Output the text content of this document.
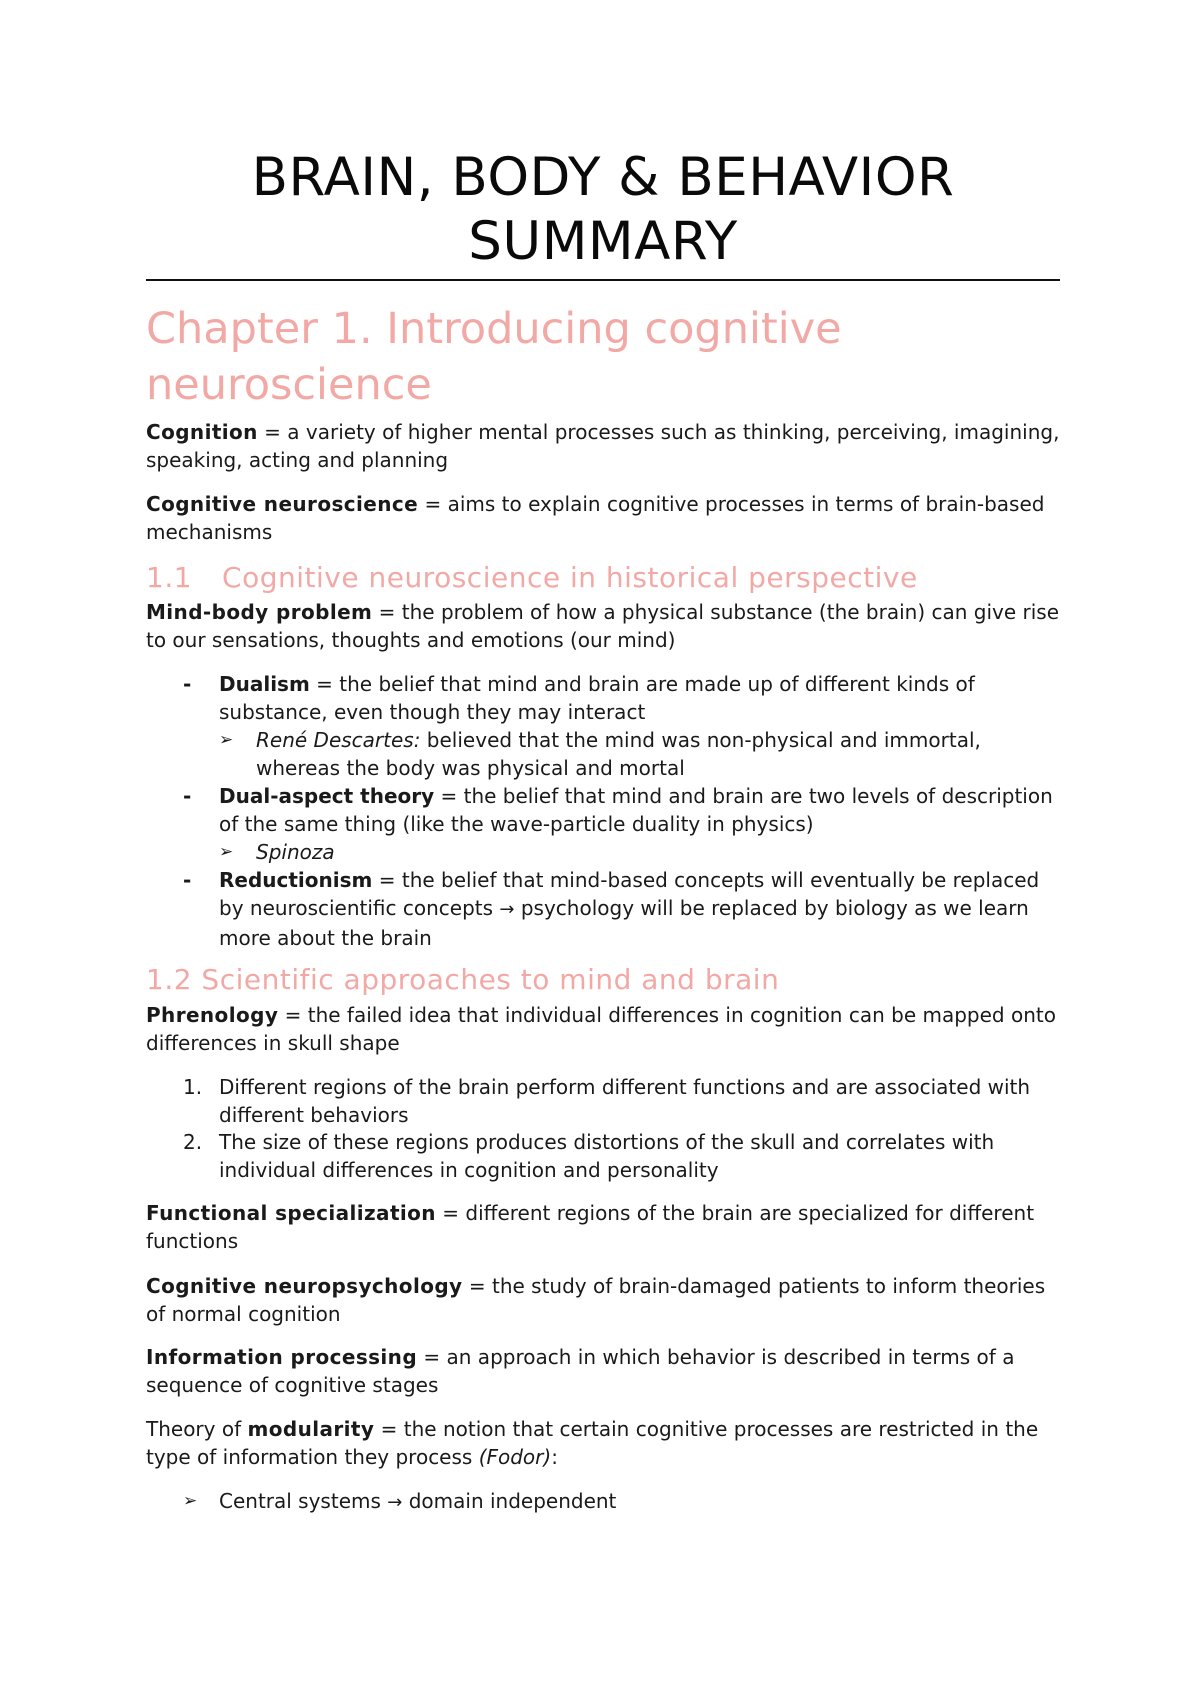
BRAIN, BODY & BEHAVIOR
SUMMARY
Chapter 1. Introducing cognitive
neuroscience
Cognition = a variety of higher mental processes such as thinking, perceiving, imagining, speaking, acting and planning
Cognitive neuroscience = aims to explain cognitive processes in terms of brain-based mechanisms
1.1 Cognitive neuroscience in historical perspective
Mind-body problem = the problem of how a physical substance (the brain) can give rise to our sensations, thoughts and emotions (our mind)
- Dualism = the belief that mind and brain are made up of different kinds of substance, even though they may interact
➢ René Descartes: believed that the mind was non-physical and immortal, whereas the body was physical and mortal
- Dual-aspect theory = the belief that mind and brain are two levels of description of the same thing (like the wave-particle duality in physics)
➢ Spinoza
- Reductionism = the belief that mind-based concepts will eventually be replaced by neuroscientific concepts → psychology will be replaced by biology as we learn more about the brain
1.2 Scientific approaches to mind and brain
Phrenology = the failed idea that individual differences in cognition can be mapped onto differences in skull shape
1. Different regions of the brain perform different functions and are associated with different behaviors
2. The size of these regions produces distortions of the skull and correlates with individual differences in cognition and personality
Functional specialization = different regions of the brain are specialized for different functions
Cognitive neuropsychology = the study of brain-damaged patients to inform theories of normal cognition
Information processing = an approach in which behavior is described in terms of a sequence of cognitive stages
Theory of modularity = the notion that certain cognitive processes are restricted in the type of information they process (Fodor):
➢ Central systems → domain independent
